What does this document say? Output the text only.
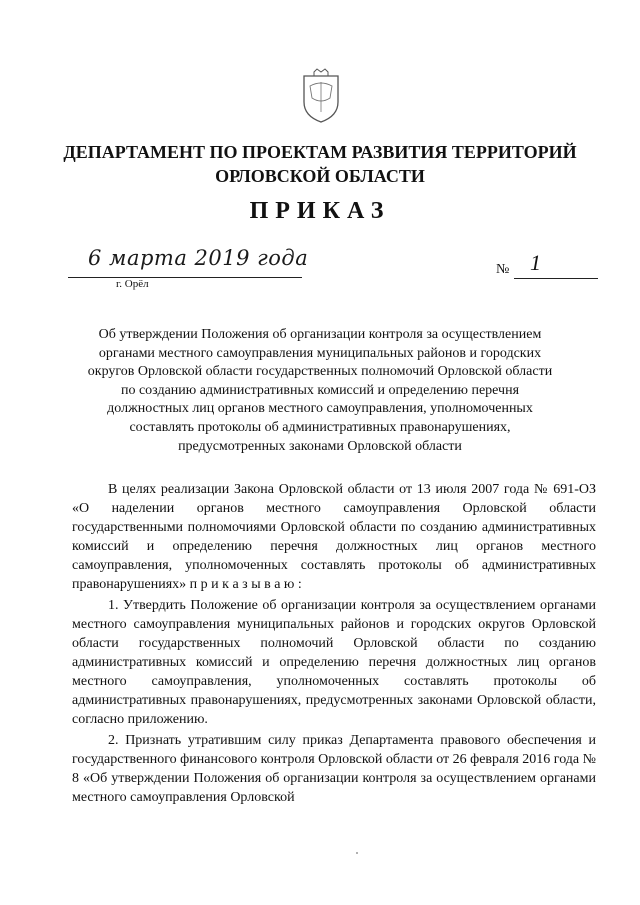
ДЕПАРТАМЕНТ ПО ПРОЕКТАМ РАЗВИТИЯ ТЕРРИТОРИЙ ОРЛОВСКОЙ ОБЛАСТИ
ПРИКАЗ
6 марта 2019 года
г. Орёл
№ 1
Об утверждении Положения об организации контроля за осуществлением органами местного самоуправления муниципальных районов и городских округов Орловской области государственных полномочий Орловской области по созданию административных комиссий и определению перечня должностных лиц органов местного самоуправления, уполномоченных составлять протоколы об административных правонарушениях, предусмотренных законами Орловской области

В целях реализации Закона Орловской области от 13 июля 2007 года № 691-ОЗ «О наделении органов местного самоуправления Орловской области государственными полномочиями Орловской области по созданию административных комиссий и определению перечня должностных лиц органов местного самоуправления, уполномоченных составлять протоколы об административных правонарушениях» п р и к а з ы в а ю :

1. Утвердить Положение об организации контроля за осуществлением органами местного самоуправления муниципальных районов и городских округов Орловской области государственных полномочий Орловской области по созданию административных комиссий и определению перечня должностных лиц органов местного самоуправления, уполномоченных составлять протоколы об административных правонарушениях, предусмотренных законами Орловской области, согласно приложению.

2. Признать утратившим силу приказ Департамента правового обеспечения и государственного финансового контроля Орловской области от 26 февраля 2016 года № 8 «Об утверждении Положения об организации контроля за осуществлением органами местного самоуправления Орловской
